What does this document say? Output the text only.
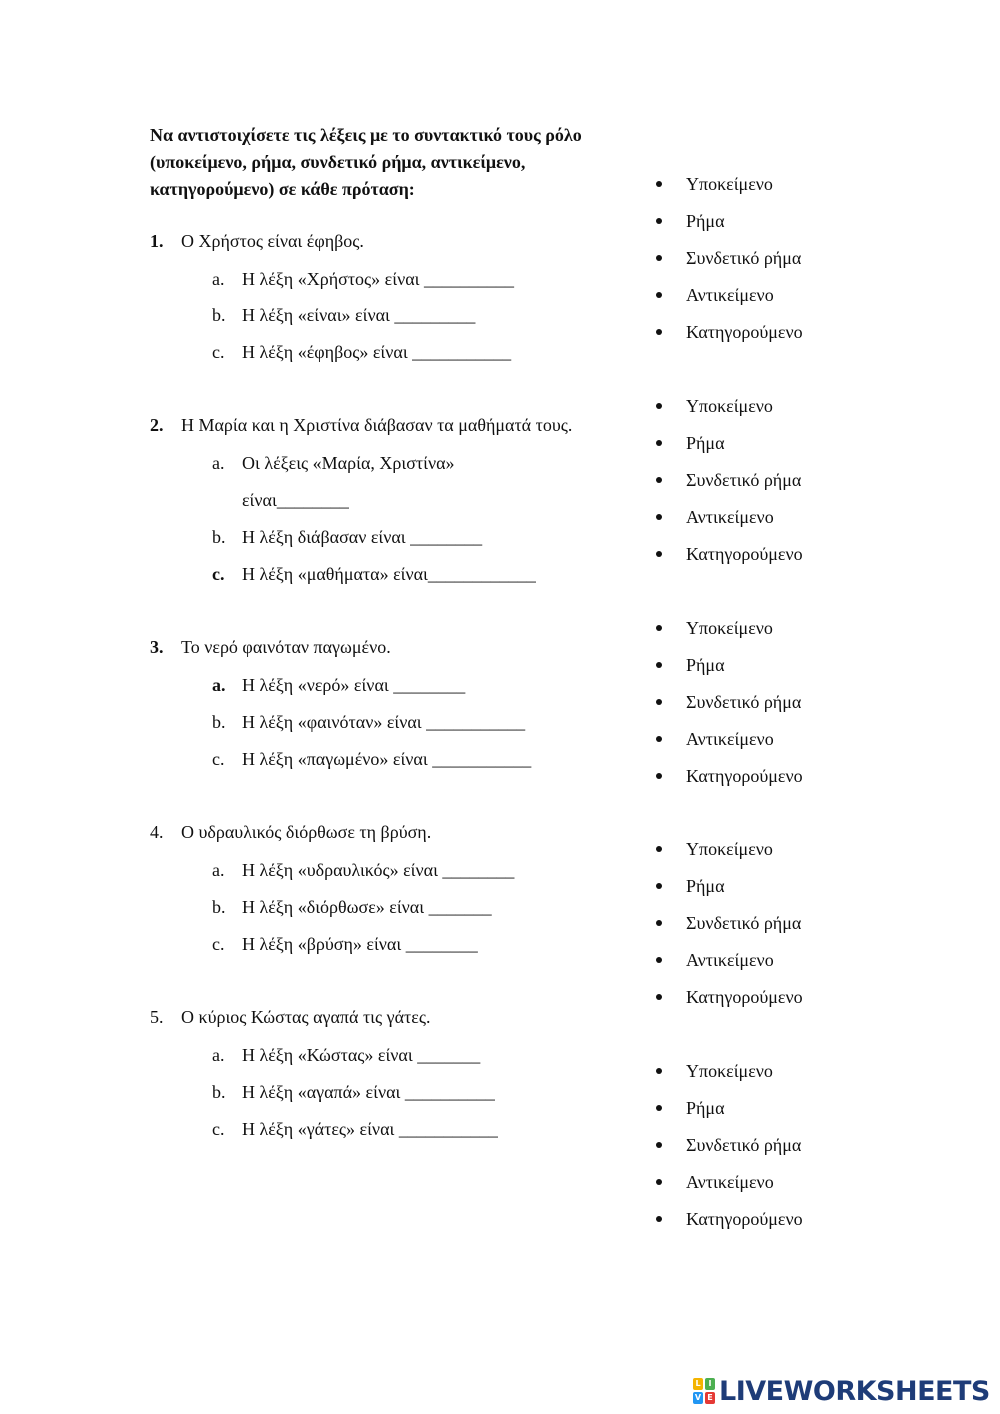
Να αντιστοιχίσετε τις λέξεις με το συντακτικό τους ρόλο (υποκείμενο, ρήμα, συνδετικό ρήμα, αντικείμενο, κατηγορούμενο) σε κάθε πρόταση:
1. Ο Χρήστος είναι έφηβος.
a. Η λέξη «Χρήστος» είναι __________
b. Η λέξη «είναι» είναι _________
c. Η λέξη «έφηβος» είναι ___________
2. Η Μαρία και η Χριστίνα διάβασαν τα μαθήματά τους.
a. Οι λέξεις «Μαρία, Χριστίνα»
είναι________
b. Η λέξη διάβασαν είναι ________
c. Η λέξη «μαθήματα» είναι____________
3. Το νερό φαινόταν παγωμένο.
a. Η λέξη «νερό» είναι ________
b. Η λέξη «φαινόταν» είναι ___________
c. Η λέξη «παγωμένο» είναι ___________
4. Ο υδραυλικός διόρθωσε τη βρύση.
a. Η λέξη «υδραυλικός» είναι ________
b. Η λέξη «διόρθωσε» είναι _______
c. Η λέξη «βρύση» είναι ________
5. Ο κύριος Κώστας αγαπά τις γάτες.
a. Η λέξη «Κώστας» είναι _______
b. Η λέξη «αγαπά» είναι __________
c. Η λέξη «γάτες» είναι ___________
Υποκείμενο
Ρήμα
Συνδετικό ρήμα
Αντικείμενο
Κατηγορούμενο
Υποκείμενο
Ρήμα
Συνδετικό ρήμα
Αντικείμενο
Κατηγορούμενο
Υποκείμενο
Ρήμα
Συνδετικό ρήμα
Αντικείμενο
Κατηγορούμενο
Υποκείμενο
Ρήμα
Συνδετικό ρήμα
Αντικείμενο
Κατηγορούμενο
Υποκείμενο
Ρήμα
Συνδετικό ρήμα
Αντικείμενο
Κατηγορούμενο
L I
V E LIVEWORKSHEETS
